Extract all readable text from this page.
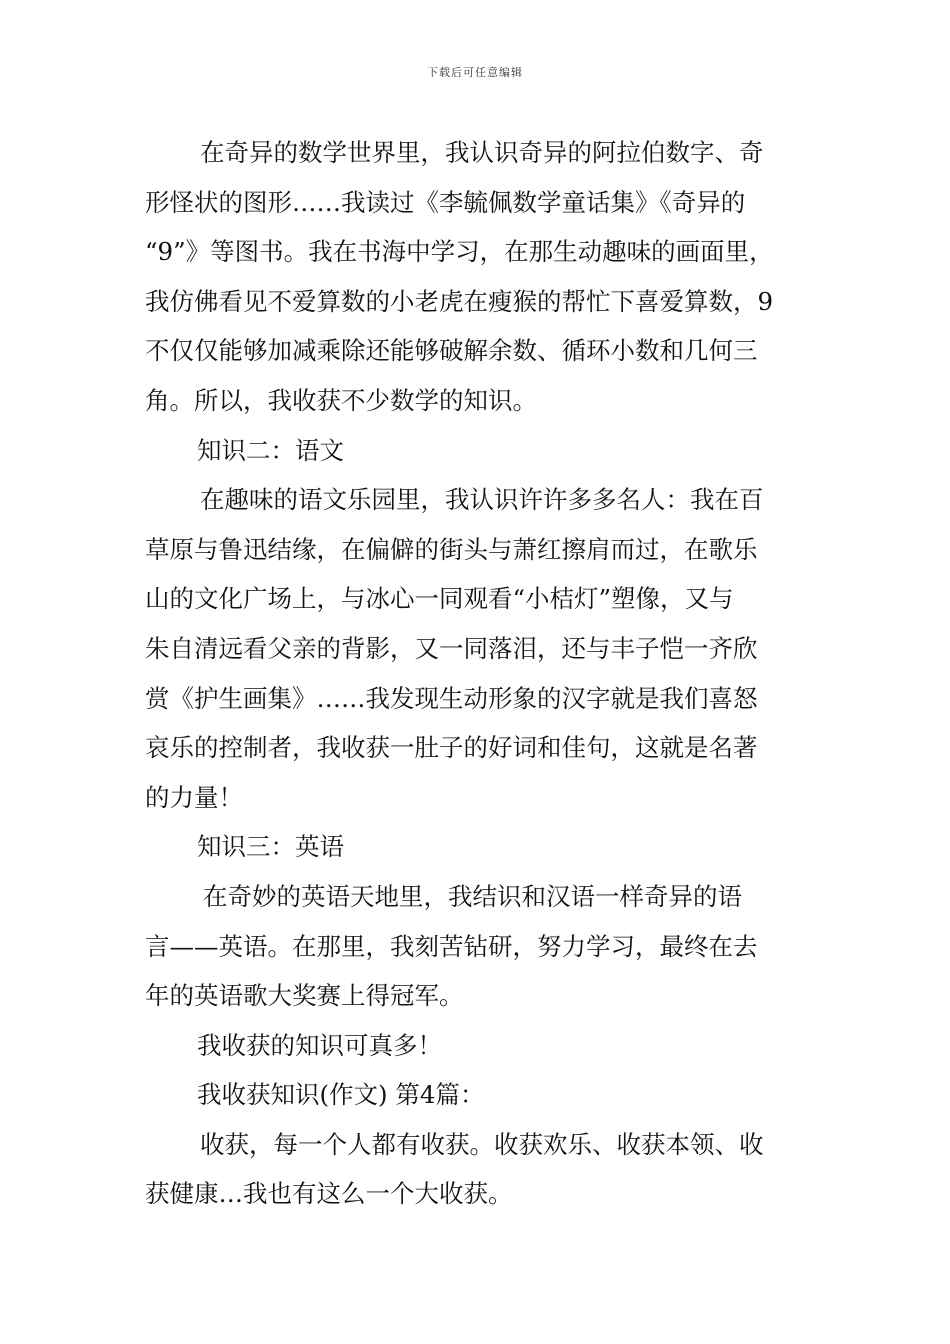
下载后可任意编辑
在奇异的数学世界里，我认识奇异的阿拉伯数字、奇
形怪状的图形……我读过《李毓佩数学童话集》《奇异的
“9”》等图书。我在书海中学习，在那生动趣味的画面里，
我仿佛看见不爱算数的小老虎在瘦猴的帮忙下喜爱算数，9
不仅仅能够加减乘除还能够破解余数、循环小数和几何三
角。所以，我收获不少数学的知识。
知识二：语文
在趣味的语文乐园里，我认识许许多多名人：我在百
草原与鲁迅结缘，在偏僻的街头与萧红擦肩而过，在歌乐
山的文化广场上，与冰心一同观看“小桔灯”塑像，又与
朱自清远看父亲的背影，又一同落泪，还与丰子恺一齐欣
赏《护生画集》……我发现生动形象的汉字就是我们喜怒
哀乐的控制者，我收获一肚子的好词和佳句，这就是名著
的力量！
知识三：英语
在奇妙的英语天地里，我结识和汉语一样奇异的语
言——英语。在那里，我刻苦钻研，努力学习，最终在去
年的英语歌大奖赛上得冠军。
我收获的知识可真多！
我收获知识(作文) 第4篇：
收获，每一个人都有收获。收获欢乐、收获本领、收
获健康…我也有这么一个大收获。
